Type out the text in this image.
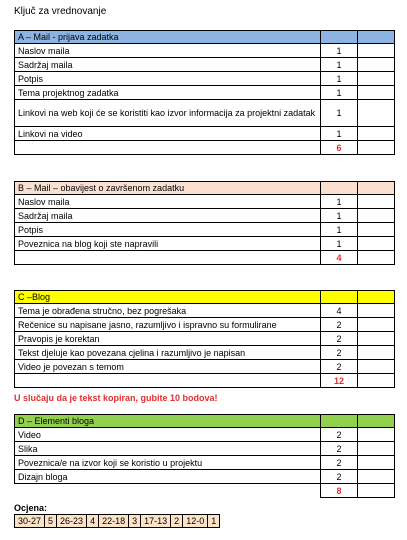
Ključ za vrednovanje
A – Mail - prijava zadatka		
Naslov maila	1	
Sadržaj maila	1	
Potpis	1	
Tema projektnog zadatka	1	
Linkovi na web koji će se koristiti kao izvor informacija za projektni zadatak	1	
Linkovi na video	1	
	6	
B – Mail – obavijest o završenom zadatku		
Naslov maila	1	
Sadržaj maila	1	
Potpis	1	
Poveznica na blog koji ste napravili	1	
	4	
C –Blog		
Tema je obrađena stručno, bez pogrešaka	4	
Rečenice su napisane jasno, razumljivo i ispravno su formulirane	2	
Pravopis je korektan	2	
Tekst djeluje kao povezana cjelina i razumljivo je napisan	2	
Video je povezan s temom	2	
	12	
U slučaju da je tekst kopiran, gubite 10 bodova!
D – Elementi bloga		
Video	2	
Slika	2	
Poveznica/e na izvor koji se koristio u projektu	2	
Dizajn bloga	2	
	8	
Ocjena:
30-27	5	26-23	4	22-18	3	17-13	2	12-0	1
